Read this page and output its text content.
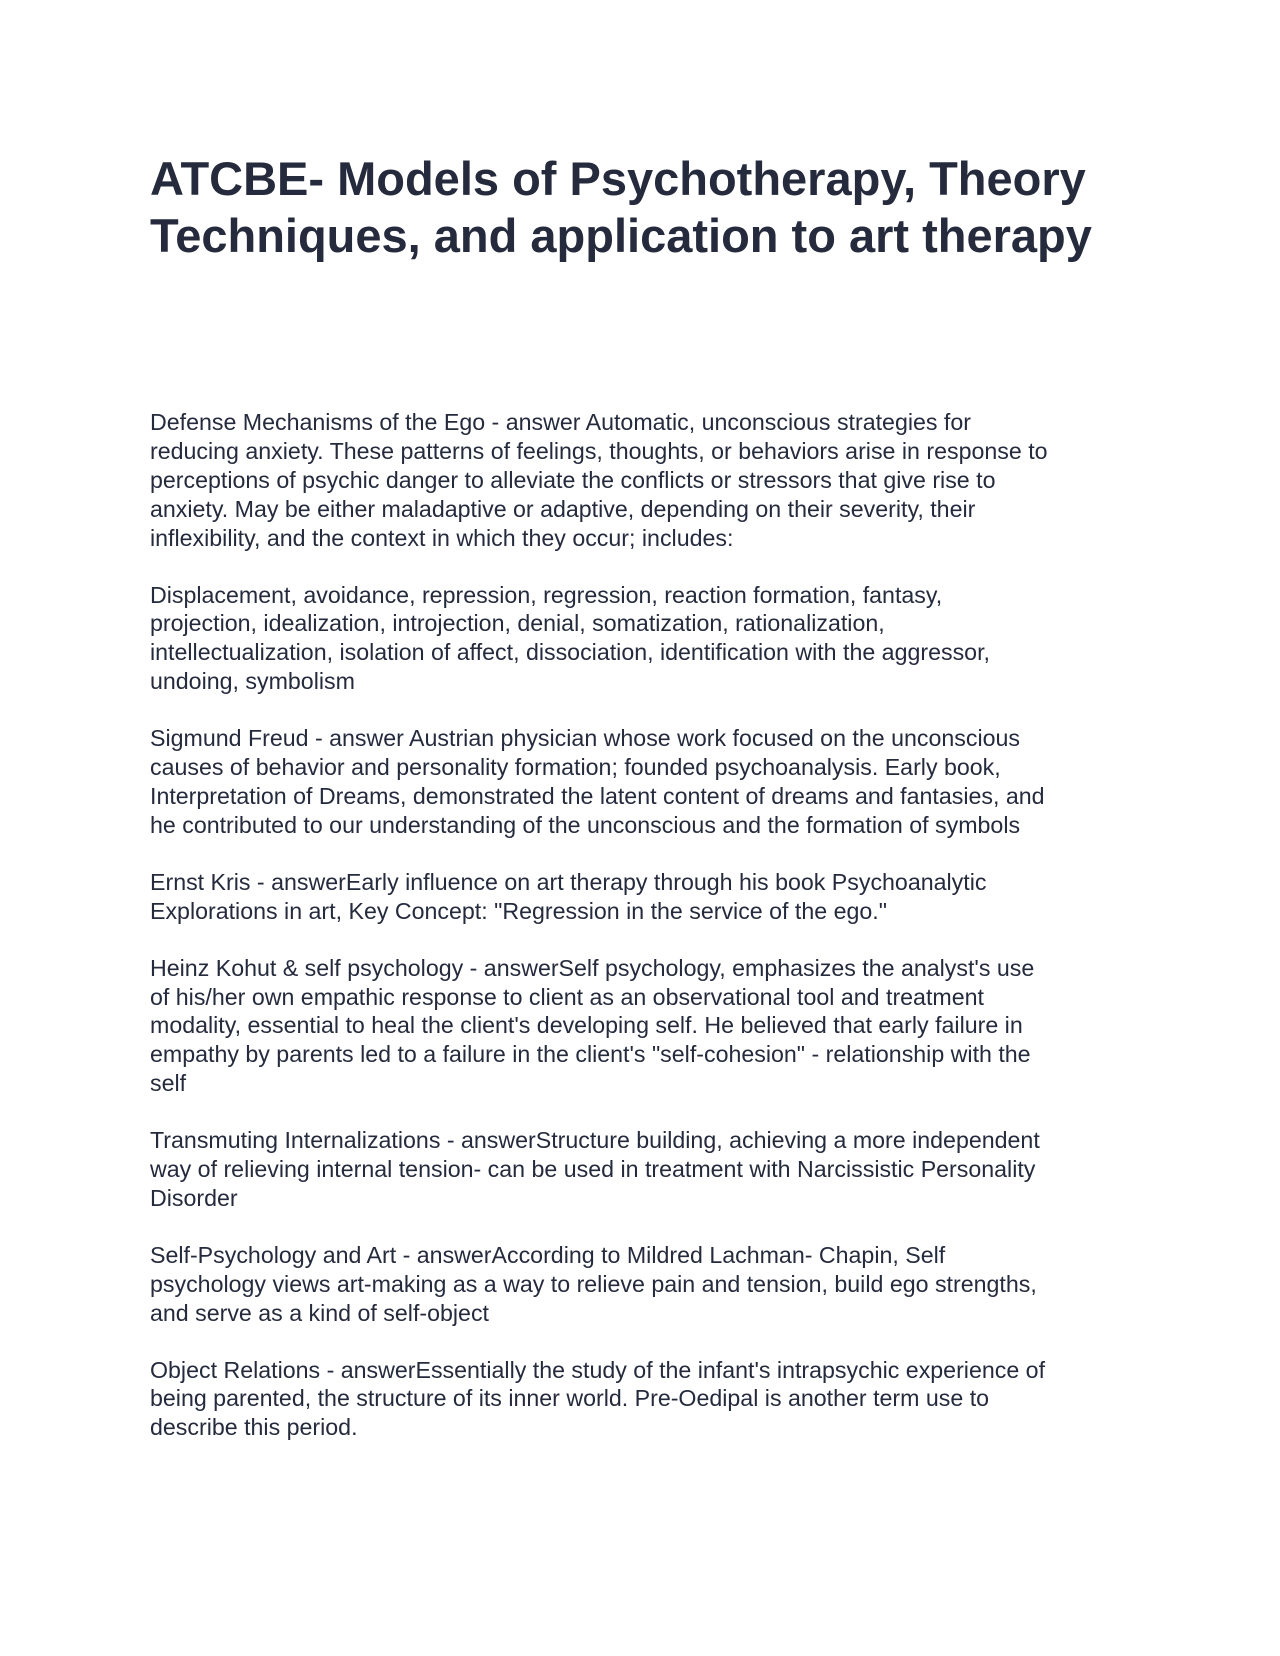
ATCBE- Models of Psychotherapy, Theory Techniques, and application to art therapy

Defense Mechanisms of the Ego - answer Automatic, unconscious strategies for
reducing anxiety. These patterns of feelings, thoughts, or behaviors arise in response to
perceptions of psychic danger to alleviate the conflicts or stressors that give rise to
anxiety. May be either maladaptive or adaptive, depending on their severity, their
inflexibility, and the context in which they occur; includes:

Displacement, avoidance, repression, regression, reaction formation, fantasy,
projection, idealization, introjection, denial, somatization, rationalization,
intellectualization, isolation of affect, dissociation, identification with the aggressor,
undoing, symbolism

Sigmund Freud - answer Austrian physician whose work focused on the unconscious
causes of behavior and personality formation; founded psychoanalysis. Early book,
Interpretation of Dreams, demonstrated the latent content of dreams and fantasies, and
he contributed to our understanding of the unconscious and the formation of symbols

Ernst Kris - answerEarly influence on art therapy through his book Psychoanalytic
Explorations in art, Key Concept: "Regression in the service of the ego."

Heinz Kohut & self psychology - answerSelf psychology, emphasizes the analyst's use
of his/her own empathic response to client as an observational tool and treatment
modality, essential to heal the client's developing self. He believed that early failure in
empathy by parents led to a failure in the client's "self-cohesion" - relationship with the
self

Transmuting Internalizations - answerStructure building, achieving a more independent
way of relieving internal tension- can be used in treatment with Narcissistic Personality
Disorder

Self-Psychology and Art - answerAccording to Mildred Lachman- Chapin, Self
psychology views art-making as a way to relieve pain and tension, build ego strengths,
and serve as a kind of self-object

Object Relations - answerEssentially the study of the infant's intrapsychic experience of
being parented, the structure of its inner world. Pre-Oedipal is another term use to
describe this period.
